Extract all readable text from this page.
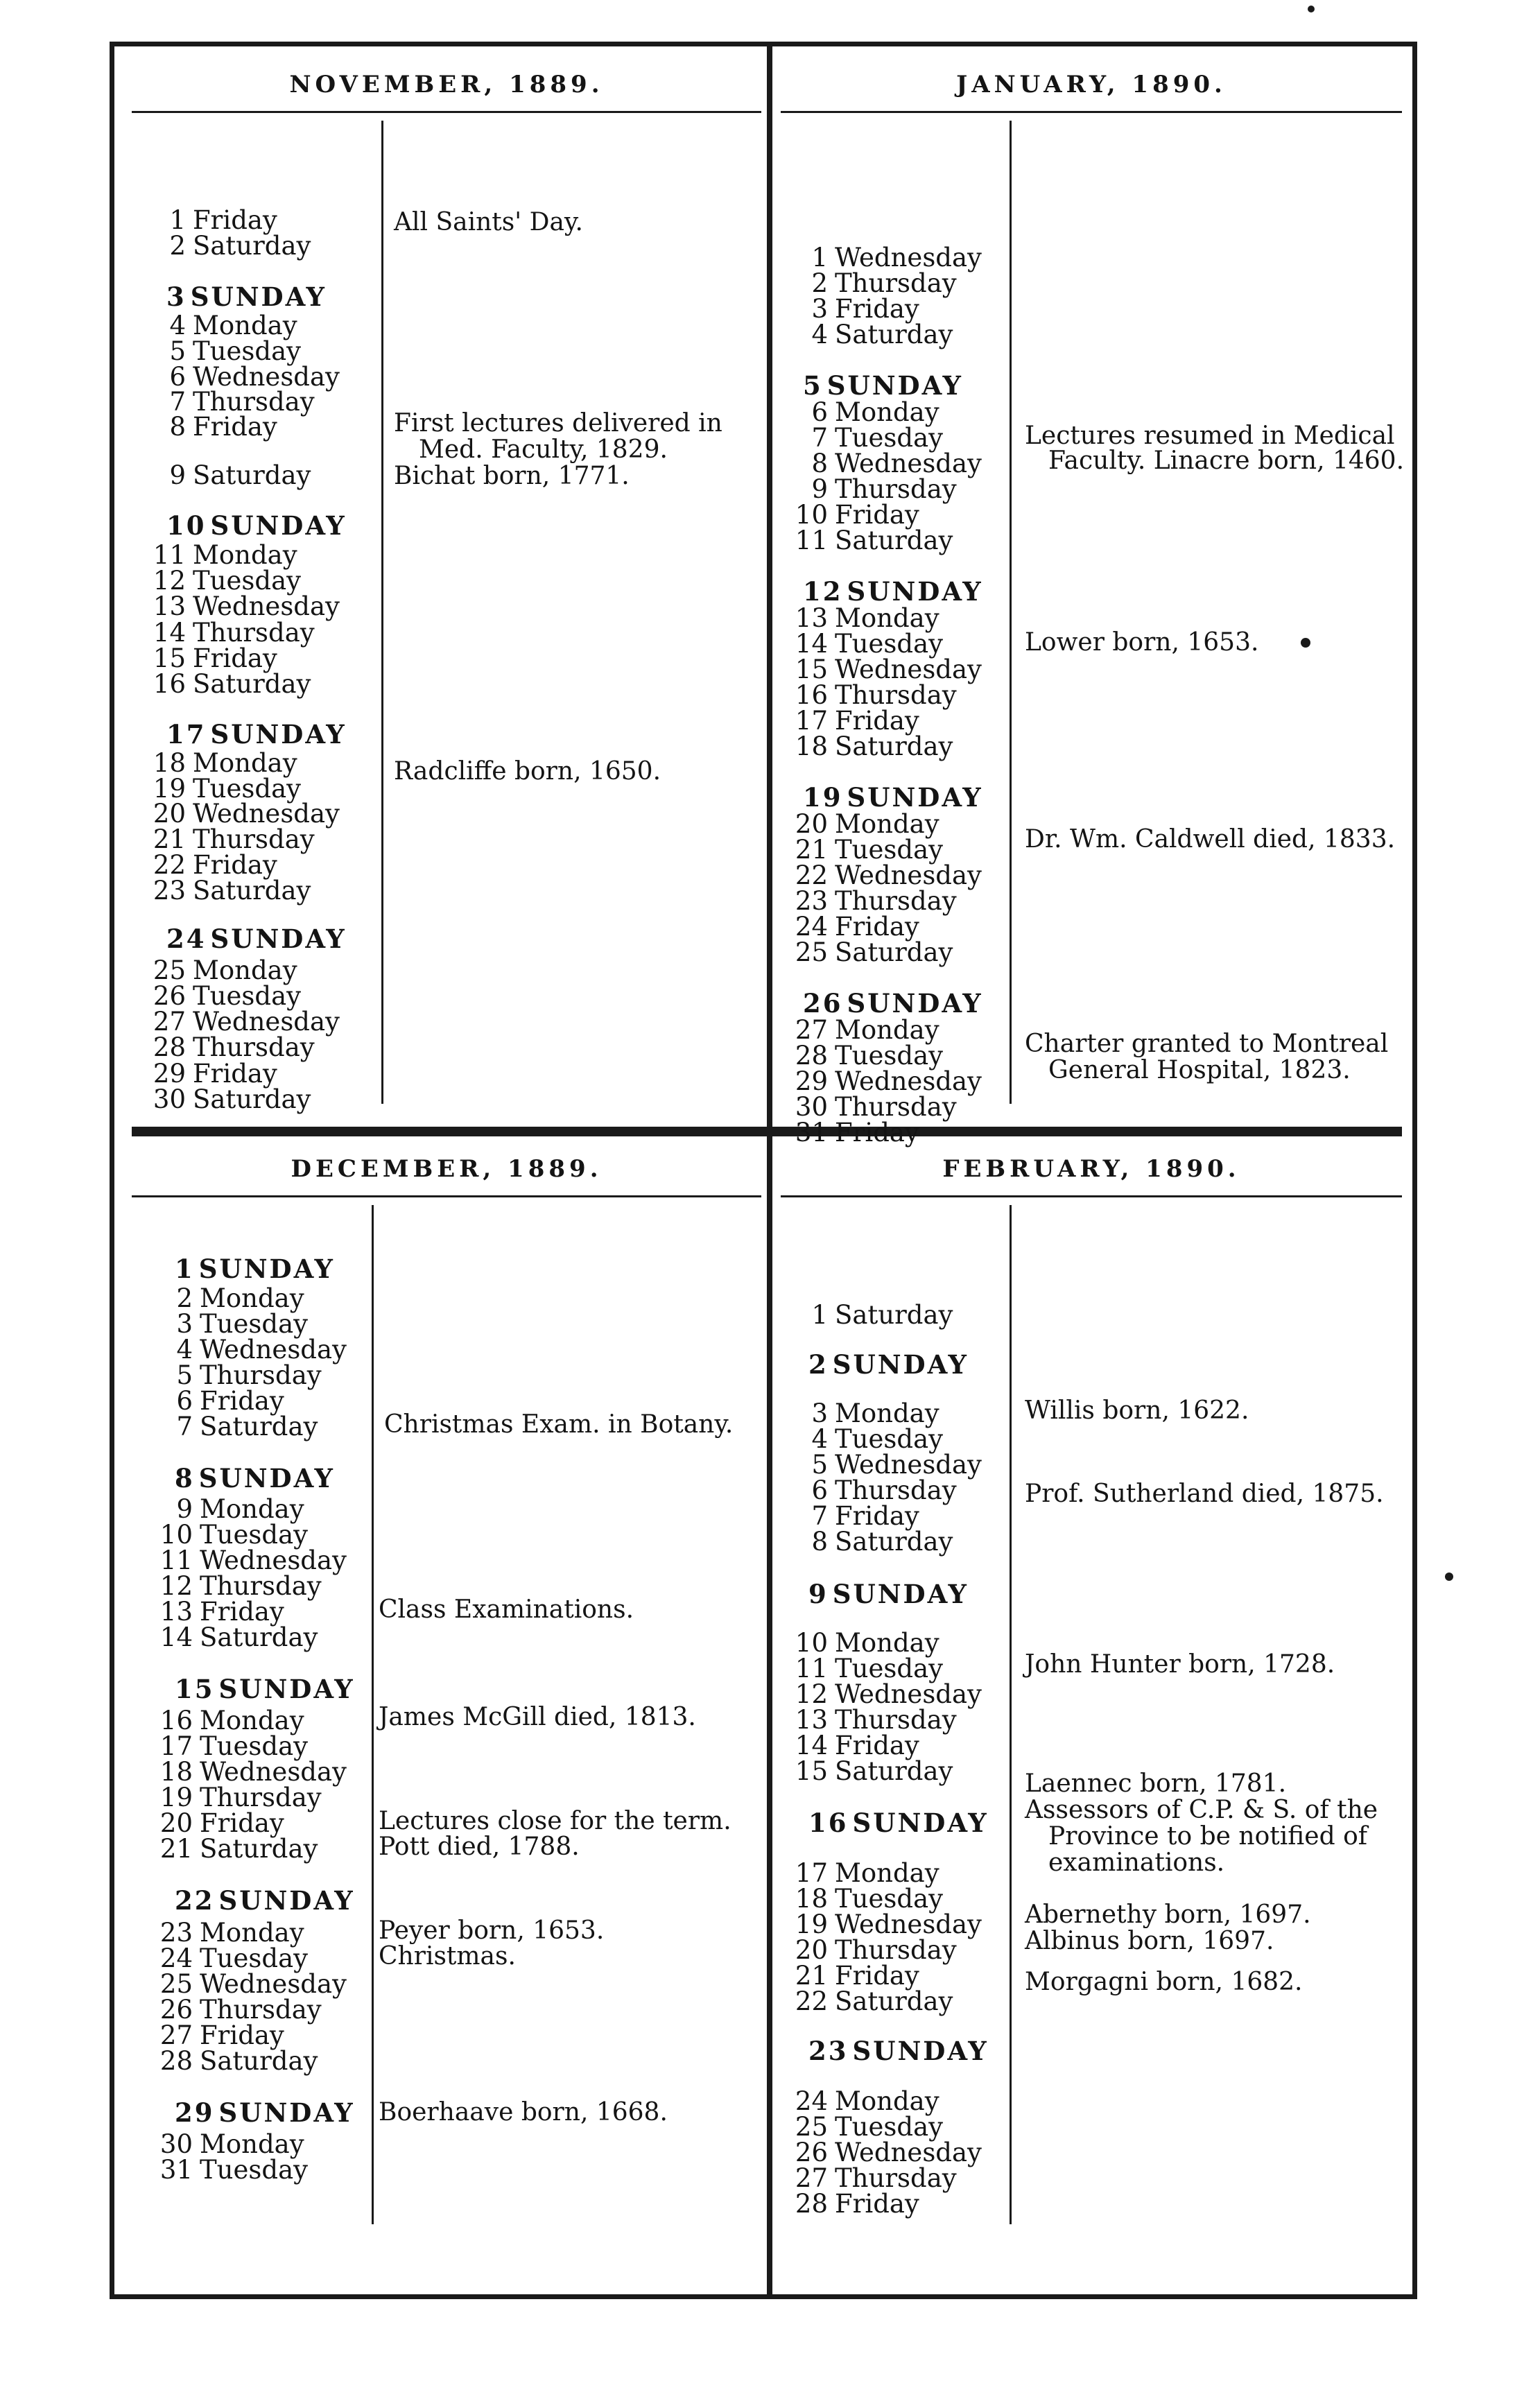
NOVEMBER, 1889.
1 Friday
2 Saturday
3 SUNDAY
4 Monday
5 Tuesday
6 Wednesday
7 Thursday
8 Friday
9 Saturday
10 SUNDAY
11 Monday
12 Tuesday
13 Wednesday
14 Thursday
15 Friday
16 Saturday
17 SUNDAY
18 Monday
19 Tuesday
20 Wednesday
21 Thursday
22 Friday
23 Saturday
24 SUNDAY
25 Monday
26 Tuesday
27 Wednesday
28 Thursday
29 Friday
30 Saturday
All Saints' Day.
First lectures delivered in
Med. Faculty, 1829.
Bichat born, 1771.
Radcliffe born, 1650.
JANUARY, 1890.
1 Wednesday
2 Thursday
3 Friday
4 Saturday
5 SUNDAY
6 Monday
7 Tuesday
8 Wednesday
9 Thursday
10 Friday
11 Saturday
12 SUNDAY
13 Monday
14 Tuesday
15 Wednesday
16 Thursday
17 Friday
18 Saturday
19 SUNDAY
20 Monday
21 Tuesday
22 Wednesday
23 Thursday
24 Friday
25 Saturday
26 SUNDAY
27 Monday
28 Tuesday
29 Wednesday
30 Thursday
31 Friday
Lectures resumed in Medical
Faculty. Linacre born, 1460.
Lower born, 1653.
Dr. Wm. Caldwell died, 1833.
Charter granted to Montreal
General Hospital, 1823.
DECEMBER, 1889.
1 SUNDAY
2 Monday
3 Tuesday
4 Wednesday
5 Thursday
6 Friday
7 Saturday
8 SUNDAY
9 Monday
10 Tuesday
11 Wednesday
12 Thursday
13 Friday
14 Saturday
15 SUNDAY
16 Monday
17 Tuesday
18 Wednesday
19 Thursday
20 Friday
21 Saturday
22 SUNDAY
23 Monday
24 Tuesday
25 Wednesday
26 Thursday
27 Friday
28 Saturday
29 SUNDAY
30 Monday
31 Tuesday
Christmas Exam. in Botany.
Class Examinations.
James McGill died, 1813.
Lectures close for the term.
Pott died, 1788.
Peyer born, 1653.
Christmas.
Boerhaave born, 1668.
FEBRUARY, 1890.
1 Saturday
2 SUNDAY
3 Monday
4 Tuesday
5 Wednesday
6 Thursday
7 Friday
8 Saturday
9 SUNDAY
10 Monday
11 Tuesday
12 Wednesday
13 Thursday
14 Friday
15 Saturday
16 SUNDAY
17 Monday
18 Tuesday
19 Wednesday
20 Thursday
21 Friday
22 Saturday
23 SUNDAY
24 Monday
25 Tuesday
26 Wednesday
27 Thursday
28 Friday
Willis born, 1622.
Prof. Sutherland died, 1875.
John Hunter born, 1728.
Laennec born, 1781.
Assessors of C.P. & S. of the
Province to be notified of
examinations.
Abernethy born, 1697.
Albinus born, 1697.
Morgagni born, 1682.
